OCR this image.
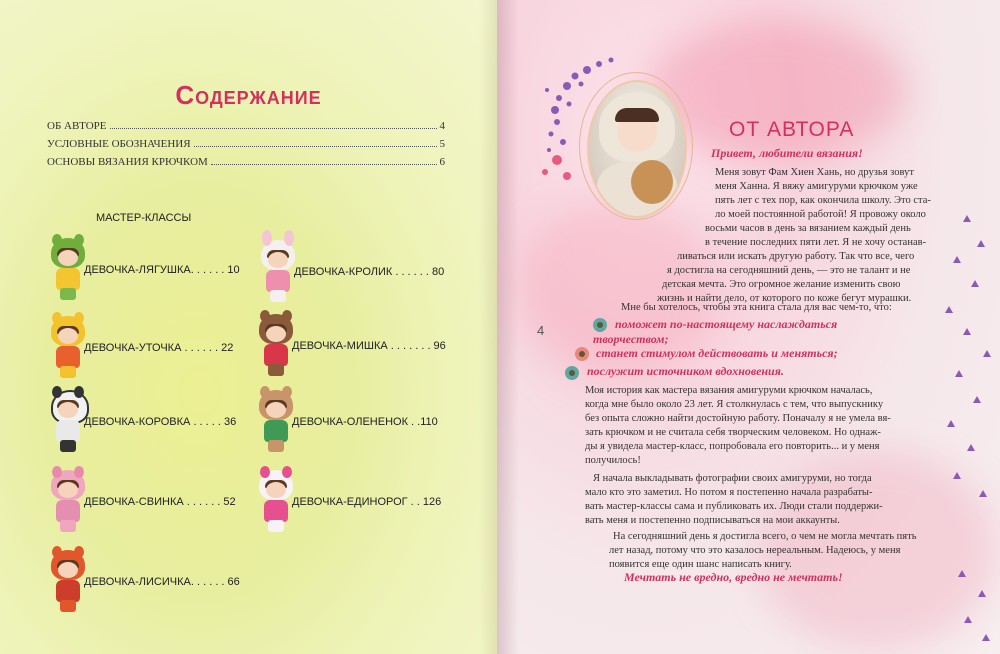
Содержание
ОБ АВТОРЕ	4
УСЛОВНЫЕ ОБОЗНАЧЕНИЯ	5
ОСНОВЫ ВЯЗАНИЯ КРЮЧКОМ	6
МАСТЕР-КЛАССЫ
ДЕВОЧКА-ЛЯГУШКА. . . . . . 10
ДЕВОЧКА-УТОЧКА . . . . . . 22
ДЕВОЧКА-КОРОВКА . . . . . 36
ДЕВОЧКА-СВИНКА . . . . . . 52
ДЕВОЧКА-ЛИСИЧКА. . . . . . 66
ДЕВОЧКА-КРОЛИК . . . . . . 80
ДЕВОЧКА-МИШКА . . . . . . . 96
ДЕВОЧКА-ОЛЕНЕНОК . .110
ДЕВОЧКА-ЕДИНОРОГ . . 126
ОТ АВТОРА
Привет, любители вязания!
Меня зовут Фам Хиен Хань, но друзья зовут
меня Ханна. Я вяжу амигуруми крючком уже
пять лет с тех пор, как окончила школу. Это ста-
ло моей постоянной работой! Я провожу около
восьми часов в день за вязанием каждый день
в течение последних пяти лет. Я не хочу останав-
ливаться или искать другую работу. Так что все, чего
я достигла на сегодняшний день, — это не талант и не
детская мечта. Это огромное желание изменить свою
жизнь и найти дело, от которого по коже бегут мурашки.
4
Мне бы хотелось, чтобы эта книга стала для вас чем-то, что:
поможет по-настоящему наслаждаться
творчеством;
станет стимулом действовать и меняться;
послужит источником вдохновения.
Моя история как мастера вязания амигуруми крючком началась,
когда мне было около 23 лет. Я столкнулась с тем, что выпускнику
без опыта сложно найти достойную работу. Поначалу я не умела вя-
зать крючком и не считала себя творческим человеком. Но однаж-
ды я увидела мастер-класс, попробовала его повторить... и у меня
получилось!
Я начала выкладывать фотографии своих амигуруми, но тогда
мало кто это заметил. Но потом я постепенно начала разрабаты-
вать мастер-классы сама и публиковать их. Люди стали поддержи-
вать меня и постепенно подписываться на мои аккаунты.
На сегодняшний день я достигла всего, о чем не могла мечтать пять
лет назад, потому что это казалось нереальным. Надеюсь, у меня
появится еще один шанс написать книгу.
Мечтать не вредно, вредно не мечтать!
